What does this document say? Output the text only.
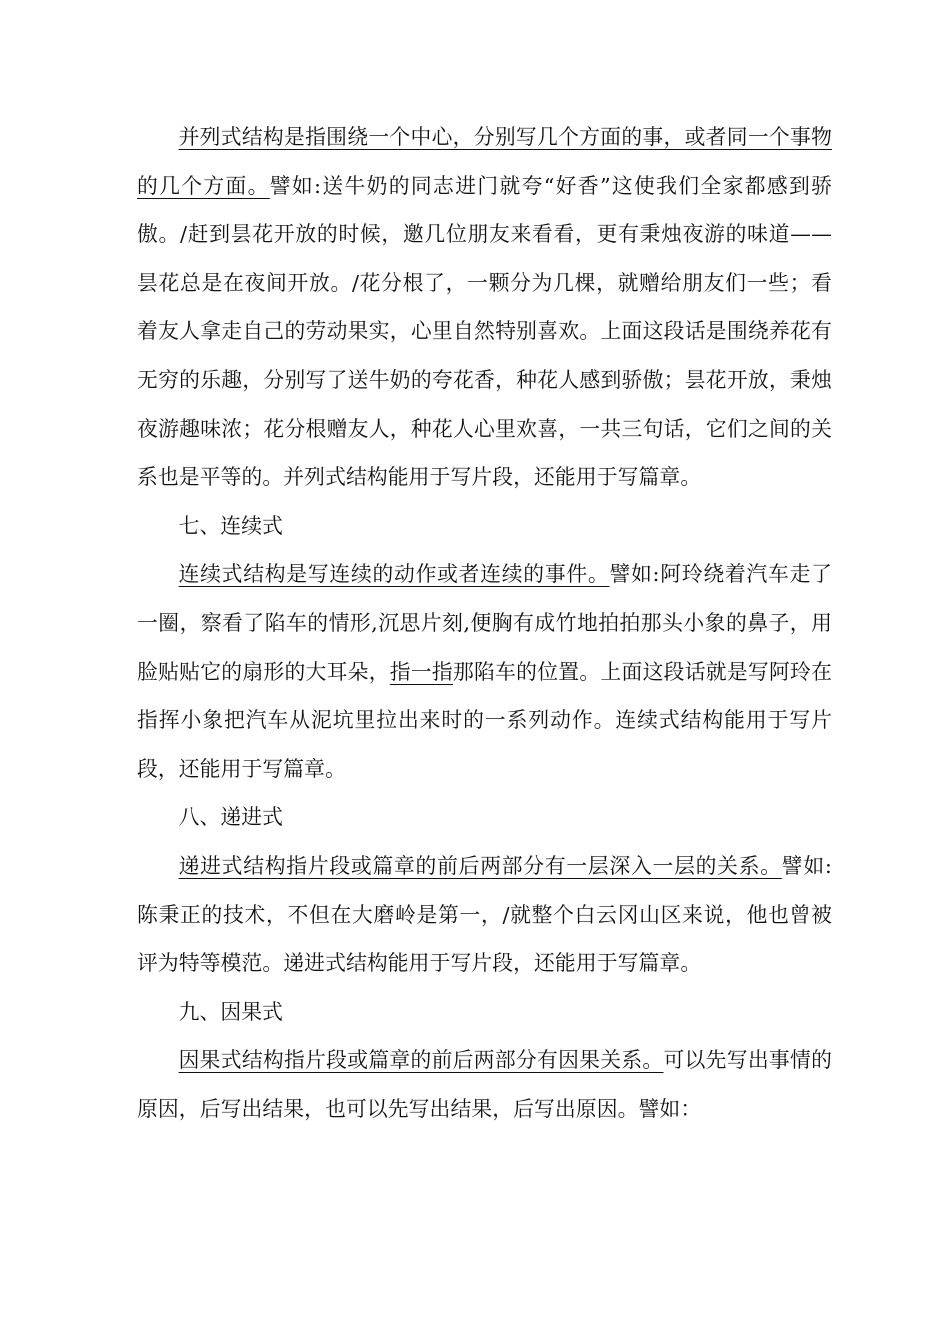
并列式结构是指围绕一个中心，分别写几个方面的事，或者同一个事物的几个方面。譬如:送牛奶的同志进门就夸“好香”这使我们全家都感到骄傲。/赶到昙花开放的时候，邀几位朋友来看看，更有秉烛夜游的味道——昙花总是在夜间开放。/花分根了，一颗分为几棵，就赠给朋友们一些；看着友人拿走自己的劳动果实，心里自然特别喜欢。上面这段话是围绕养花有无穷的乐趣，分别写了送牛奶的夸花香，种花人感到骄傲；昙花开放，秉烛夜游趣味浓；花分根赠友人，种花人心里欢喜，一共三句话，它们之间的关系也是平等的。并列式结构能用于写片段，还能用于写篇章。

七、连续式

连续式结构是写连续的动作或者连续的事件。譬如:阿玲绕着汽车走了一圈，察看了陷车的情形,沉思片刻,便胸有成竹地拍拍那头小象的鼻子，用脸贴贴它的扇形的大耳朵，指一指那陷车的位置。上面这段话就是写阿玲在指挥小象把汽车从泥坑里拉出来时的一系列动作。连续式结构能用于写片段，还能用于写篇章。

八、递进式

递进式结构指片段或篇章的前后两部分有一层深入一层的关系。譬如:陈秉正的技术，不但在大磨岭是第一，/就整个白云冈山区来说，他也曾被评为特等模范。递进式结构能用于写片段，还能用于写篇章。

九、因果式

因果式结构指片段或篇章的前后两部分有因果关系。可以先写出事情的原因，后写出结果，也可以先写出结果，后写出原因。譬如：
